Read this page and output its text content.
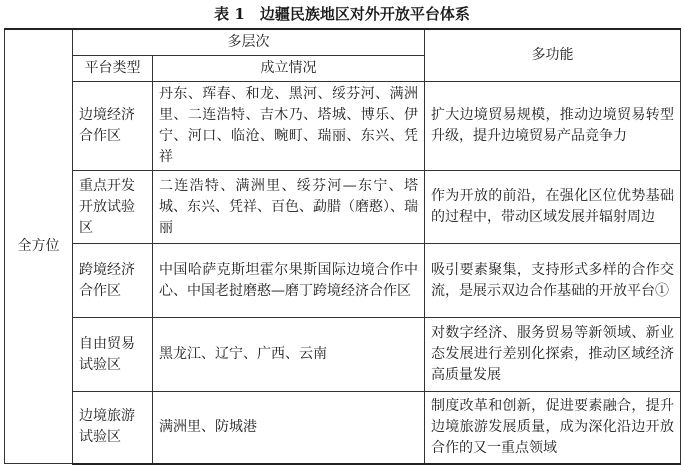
表 1　边疆民族地区对外开放平台体系
全方位	多层次		多功能
	平台类型	成立情况	
	边境经济合作区	丹东、珲春、和龙、黑河、绥芬河、满洲里、二连浩特、吉木乃、塔城、博乐、伊宁、河口、临沧、畹町、瑞丽、东兴、凭祥	扩大边境贸易规模，推动边境贸易转型升级，提升边境贸易产品竞争力
	重点开发开放试验区	二连浩特、满洲里、绥芬河—东宁、塔城、东兴、凭祥、百色、勐腊（磨憨）、瑞丽	作为开放的前沿，在强化区位优势基础的过程中，带动区域发展并辐射周边
	跨境经济合作区	中国哈萨克斯坦霍尔果斯国际边境合作中心、中国老挝磨憨—磨丁跨境经济合作区	吸引要素聚集，支持形式多样的合作交流，是展示双边合作基础的开放平台①
	自由贸易试验区	黑龙江、辽宁、广西、云南	对数字经济、服务贸易等新领域、新业态发展进行差别化探索，推动区域经济高质量发展
	边境旅游试验区	满洲里、防城港	制度改革和创新，促进要素融合，提升边境旅游发展质量，成为深化沿边开放合作的又一重点领域
